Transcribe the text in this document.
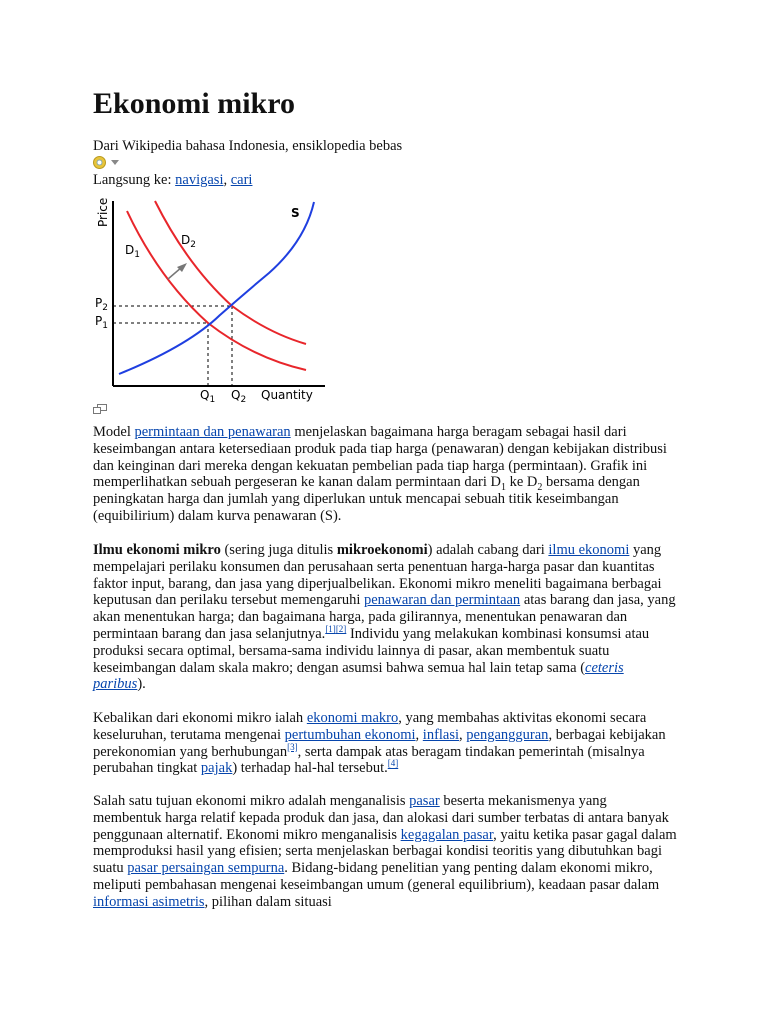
Ekonomi mikro
Dari Wikipedia bahasa Indonesia, ensiklopedia bebas
Langsung ke: navigasi, cari
Price	S
$D_1$
$D_2$
$P_2$
$P_1$
$Q_1$ $Q_2$ Quantity

Model permintaan dan penawaran menjelaskan bagaimana harga beragam sebagai hasil dari keseimbangan antara ketersediaan produk pada tiap harga (penawaran) dengan kebijakan distribusi dan keinginan dari mereka dengan kekuatan pembelian pada tiap harga (permintaan). Grafik ini memperlihatkan sebuah pergeseran ke kanan dalam permintaan dari $D_1$ ke $D_2$ bersama dengan peningkatan harga dan jumlah yang diperlukan untuk mencapai sebuah titik keseimbangan (equibilirium) dalam kurva penawaran (S).

Ilmu ekonomi mikro (sering juga ditulis mikroekonomi) adalah cabang dari ilmu ekonomi yang mempelajari perilaku konsumen dan perusahaan serta penentuan harga-harga pasar dan kuantitas faktor input, barang, dan jasa yang diperjualbelikan. Ekonomi mikro meneliti bagaimana berbagai keputusan dan perilaku tersebut memengaruhi penawaran dan permintaan atas barang dan jasa, yang akan menentukan harga; dan bagaimana harga, pada gilirannya, menentukan penawaran dan permintaan barang dan jasa selanjutnya.[1][2] Individu yang melakukan kombinasi konsumsi atau produksi secara optimal, bersama-sama individu lainnya di pasar, akan membentuk suatu keseimbangan dalam skala makro; dengan asumsi bahwa semua hal lain tetap sama (ceteris paribus).

Kebalikan dari ekonomi mikro ialah ekonomi makro, yang membahas aktivitas ekonomi secara keseluruhan, terutama mengenai pertumbuhan ekonomi, inflasi, pengangguran, berbagai kebijakan perekonomian yang berhubungan[3], serta dampak atas beragam tindakan pemerintah (misalnya perubahan tingkat pajak) terhadap hal-hal tersebut.[4]

Salah satu tujuan ekonomi mikro adalah menganalisis pasar beserta mekanismenya yang membentuk harga relatif kepada produk dan jasa, dan alokasi dari sumber terbatas di antara banyak penggunaan alternatif. Ekonomi mikro menganalisis kegagalan pasar, yaitu ketika pasar gagal dalam memproduksi hasil yang efisien; serta menjelaskan berbagai kondisi teoritis yang dibutuhkan bagi suatu pasar persaingan sempurna. Bidang-bidang penelitian yang penting dalam ekonomi mikro, meliputi pembahasan mengenai keseimbangan umum (general equilibrium), keadaan pasar dalam informasi asimetris, pilihan dalam situasi
